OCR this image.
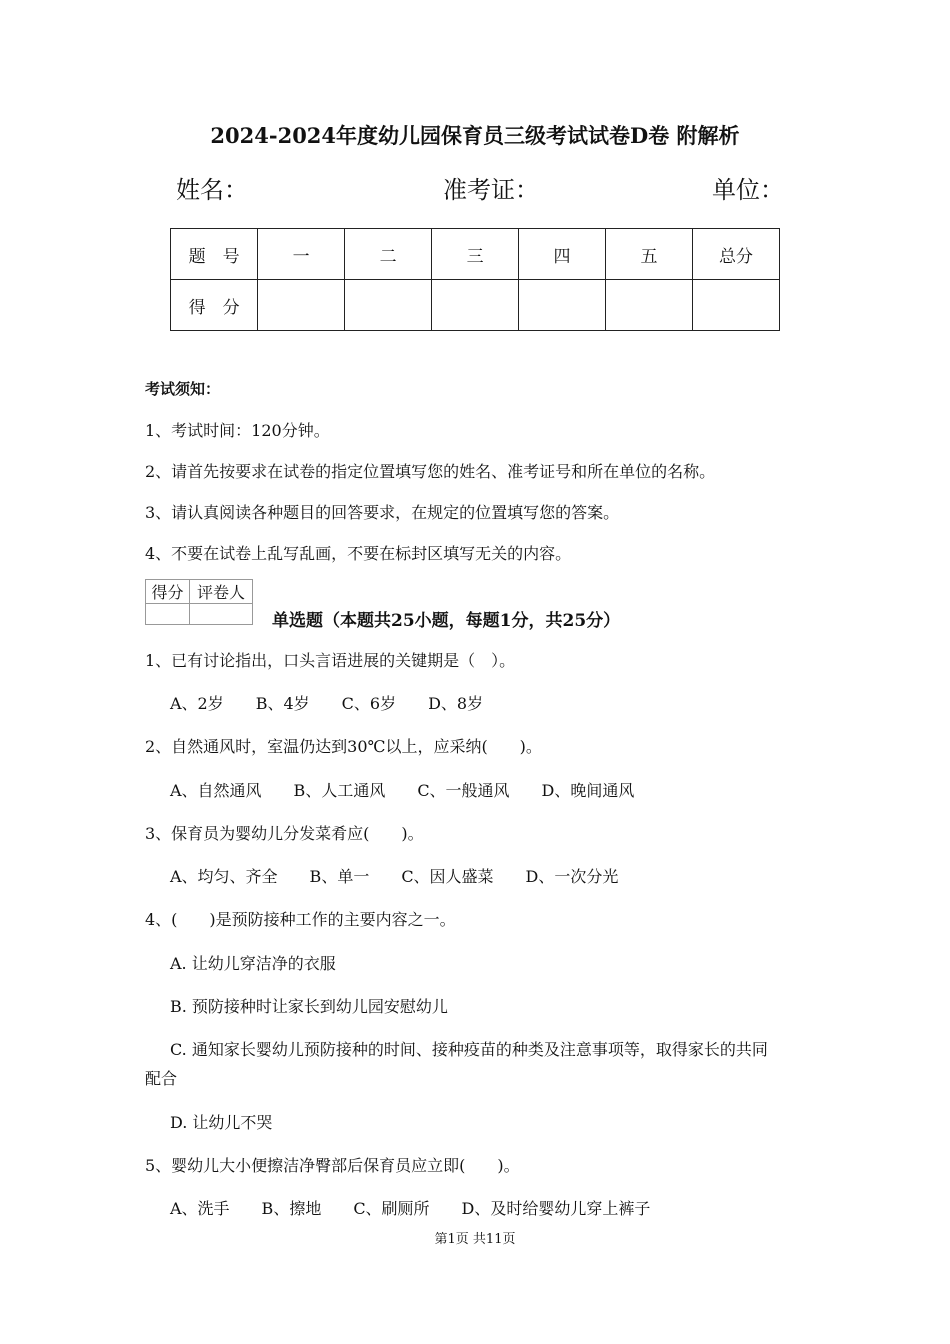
2024-2024年度幼儿园保育员三级考试试卷D卷 附解析
姓名：	准考证：	单位：
题　号	一	二	三	四	五	总分
得　分						
考试须知：
1、考试时间：120分钟。
2、请首先按要求在试卷的指定位置填写您的姓名、准考证号和所在单位的名称。
3、请认真阅读各种题目的回答要求，在规定的位置填写您的答案。
4、不要在试卷上乱写乱画，不要在标封区填写无关的内容。
得分	评卷人

单选题（本题共25小题，每题1分，共25分）
1、已有讨论指出，口头言语进展的关键期是（　）。
A、2岁　　B、4岁　　C、6岁　　D、8岁
2、自然通风时，室温仍达到30℃以上，应采纳(　　)。
A、自然通风　　B、人工通风　　C、一般通风　　D、晚间通风
3、保育员为婴幼儿分发菜肴应(　　)。
A、均匀、齐全　　B、单一　　C、因人盛菜　　D、一次分光
4、(　　)是预防接种工作的主要内容之一。
A. 让幼儿穿洁净的衣服
B. 预防接种时让家长到幼儿园安慰幼儿
C. 通知家长婴幼儿预防接种的时间、接种疫苗的种类及注意事项等，取得家长的共同
配合
D. 让幼儿不哭
5、婴幼儿大小便擦洁净臀部后保育员应立即(　　)。
A、洗手　　B、擦地　　C、刷厕所　　D、及时给婴幼儿穿上裤子
第1页 共11页
